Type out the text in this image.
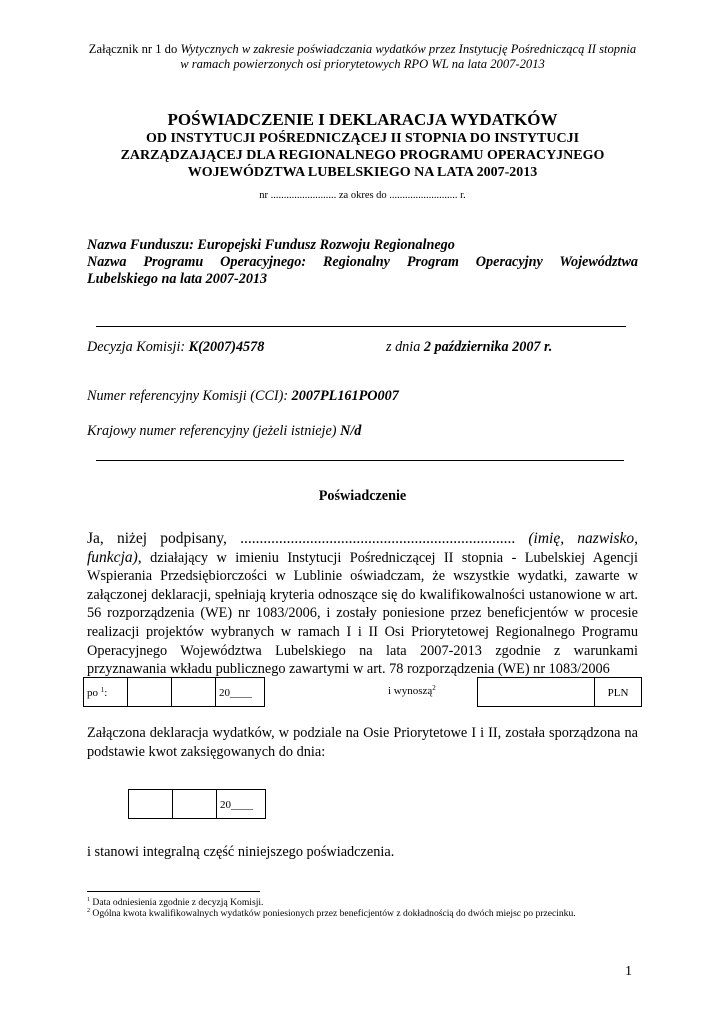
Załącznik nr 1 do Wytycznych w zakresie poświadczania wydatków przez Instytucję Pośredniczącą II stopnia
w ramach powierzonych osi priorytetowych RPO WL na lata 2007-2013
POŚWIADCZENIE I DEKLARACJA WYDATKÓW
OD INSTYTUCJI POŚREDNICZĄCEJ II STOPNIA DO INSTYTUCJI
ZARZĄDZAJĄCEJ DLA REGIONALNEGO PROGRAMU OPERACYJNEGO
WOJEWÓDZTWA LUBELSKIEGO NA LATA 2007-2013
nr ......................... za okres do .......................... r.
Nazwa Funduszu: Europejski Fundusz Rozwoju Regionalnego
Nazwa Programu Operacyjnego: Regionalny Program Operacyjny Województwa
Lubelskiego na lata 2007-2013
Decyzja Komisji: K(2007)4578	z dnia 2 października 2007 r.
Numer referencyjny Komisji (CCI): 2007PL161PO007
Krajowy numer referencyjny (jeżeli istnieje) N/d
Poświadczenie
Ja, niżej podpisany, ....................................................................... (imię, nazwisko, funkcja), działający w imieniu Instytucji Pośredniczącej II stopnia - Lubelskiej Agencji Wspierania Przedsiębiorczości w Lublinie oświadczam, że wszystkie wydatki, zawarte w załączonej deklaracji, spełniają kryteria odnoszące się do kwalifikowalności ustanowione w art. 56 rozporządzenia (WE) nr 1083/2006, i zostały poniesione przez beneficjentów w procesie realizacji projektów wybranych w ramach I i II Osi Priorytetowej Regionalnego Programu Operacyjnego Województwa Lubelskiego na lata 2007-2013 zgodnie z warunkami przyznawania wkładu publicznego zawartymi w art. 78 rozporządzenia (WE) nr 1083/2006
po $^1$:	20____	i wynoszą$^2$	PLN
Załączona deklaracja wydatków, w podziale na Osie Priorytetowe I i II, została sporządzona na podstawie kwot zaksięgowanych do dnia:
20____
i stanowi integralną część niniejszego poświadczenia.
$^1$ Data odniesienia zgodnie z decyzją Komisji.
$^2$ Ogólna kwota kwalifikowalnych wydatków poniesionych przez beneficjentów z dokładnością do dwóch miejsc po przecinku.
1
